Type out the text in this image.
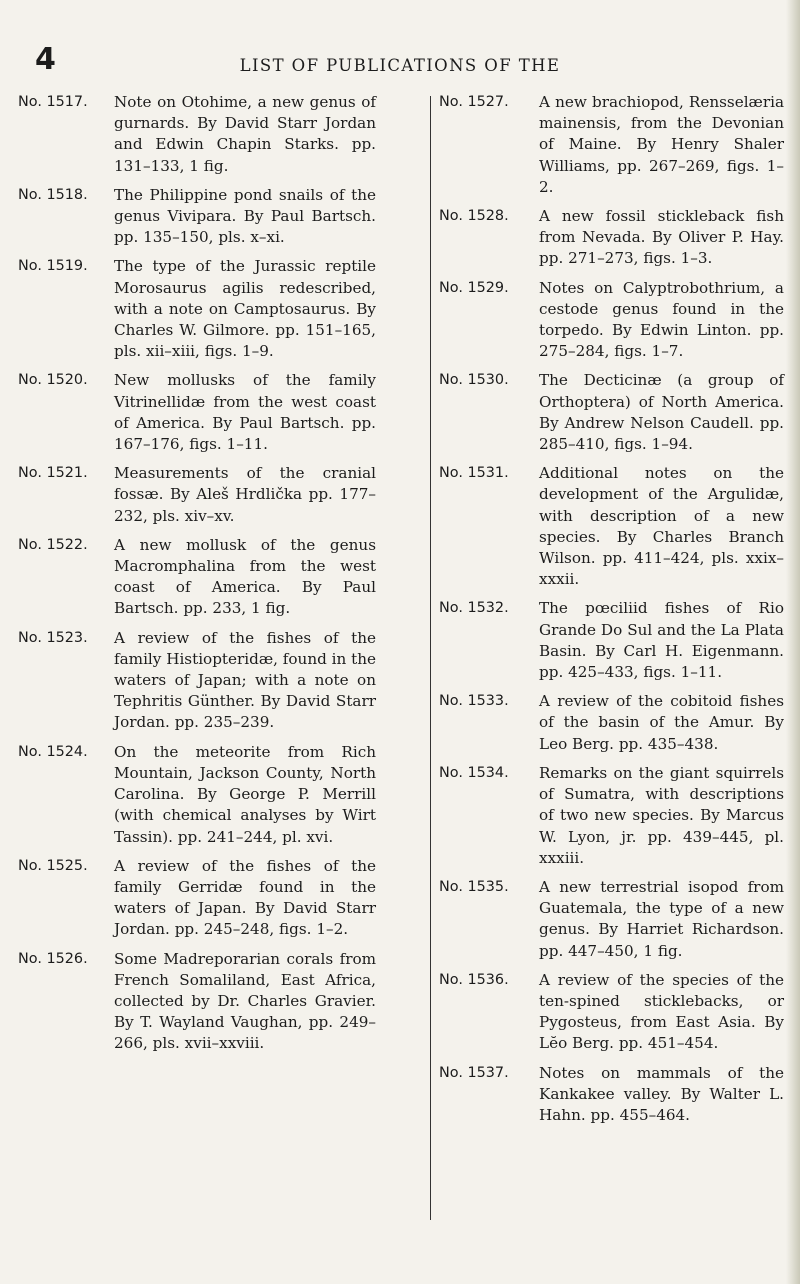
4	LIST OF PUBLICATIONS OF THE
No. 1517. Note on Otohime, a new genus of gurnards. By David Starr Jordan and Edwin Chapin Starks. pp. 131–133, 1 fig.
No. 1518. The Philippine pond snails of the genus Vivipara. By Paul Bartsch. pp. 135–150, pls. x–xi.
No. 1519. The type of the Jurassic reptile Morosaurus agilis redescribed, with a note on Camptosaurus. By Charles W. Gilmore. pp. 151–165, pls. xii–xiii, figs. 1–9.
No. 1520. New mollusks of the family Vitrinellidæ from the west coast of America. By Paul Bartsch. pp. 167–176, figs. 1–11.
No. 1521. Measurements of the cranial fossæ. By Aleš Hrdlička pp. 177–232, pls. xiv–xv.
No. 1522. A new mollusk of the genus Macromphalina from the west coast of America. By Paul Bartsch. pp. 233, 1 fig.
No. 1523. A review of the fishes of the family Histiopteridæ, found in the waters of Japan; with a note on Tephritis Günther. By David Starr Jordan. pp. 235–239.
No. 1524. On the meteorite from Rich Mountain, Jackson County, North Carolina. By George P. Merrill (with chemical analyses by Wirt Tassin). pp. 241–244, pl. xvi.
No. 1525. A review of the fishes of the family Gerridæ found in the waters of Japan. By David Starr Jordan. pp. 245–248, figs. 1–2.
No. 1526. Some Madreporarian corals from French Somaliland, East Africa, collected by Dr. Charles Gravier. By T. Wayland Vaughan, pp. 249–266, pls. xvii–xxviii.
No. 1527. A new brachiopod, Rensselæria mainensis, from the Devonian of Maine. By Henry Shaler Williams, pp. 267–269, figs. 1–2.
No. 1528. A new fossil stickleback fish from Nevada. By Oliver P. Hay. pp. 271–273, figs. 1–3.
No. 1529. Notes on Calyptrobothrium, a cestode genus found in the torpedo. By Edwin Linton. pp. 275–284, figs. 1–7.
No. 1530. The Decticinæ (a group of Orthoptera) of North America. By Andrew Nelson Caudell. pp. 285–410, figs. 1–94.
No. 1531. Additional notes on the development of the Argulidæ, with description of a new species. By Charles Branch Wilson. pp. 411–424, pls. xxix–xxxii.
No. 1532. The pœciliid fishes of Rio Grande Do Sul and the La Plata Basin. By Carl H. Eigenmann. pp. 425–433, figs. 1–11.
No. 1533. A review of the cobitoid fishes of the basin of the Amur. By Leo Berg. pp. 435–438.
No. 1534. Remarks on the giant squirrels of Sumatra, with descriptions of two new species. By Marcus W. Lyon, jr. pp. 439–445, pl. xxxiii.
No. 1535. A new terrestrial isopod from Guatemala, the type of a new genus. By Harriet Richardson. pp. 447–450, 1 fig.
No. 1536. A review of the species of the ten-spined sticklebacks, or Pygosteus, from East Asia. By Lĕo Berg. pp. 451–454.
No. 1537. Notes on mammals of the Kankakee valley. By Walter L. Hahn. pp. 455–464.
